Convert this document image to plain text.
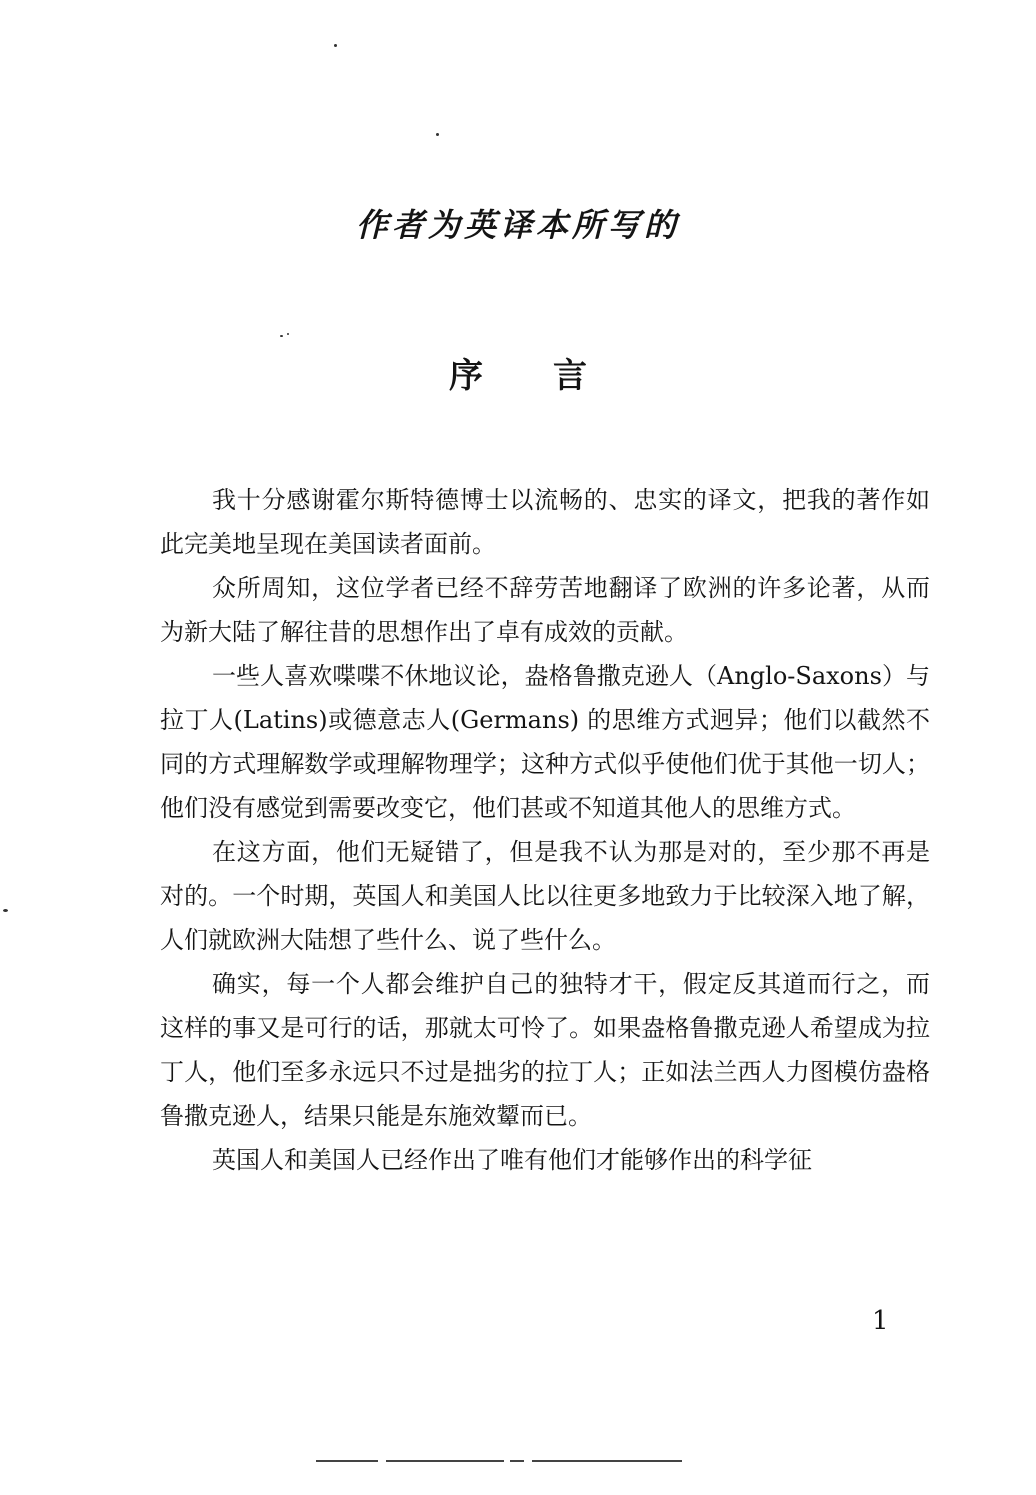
作者为英译本所写的
序言

我十分感谢霍尔斯特德博士以流畅的、忠实的译文，把我的著作如此完美地呈现在美国读者面前。

众所周知，这位学者已经不辞劳苦地翻译了欧洲的许多论著，从而为新大陆了解往昔的思想作出了卓有成效的贡献。

一些人喜欢喋喋不休地议论，盎格鲁撒克逊人（Anglo-Saxons）与拉丁人(Latins)或德意志人(Germans) 的思维方式迥异；他们以截然不同的方式理解数学或理解物理学；这种方式似乎使他们优于其他一切人；他们没有感觉到需要改变它，他们甚或不知道其他人的思维方式。

在这方面，他们无疑错了，但是我不认为那是对的，至少那不再是对的。一个时期，英国人和美国人比以往更多地致力于比较深入地了解，人们就欧洲大陆想了些什么、说了些什么。

确实，每一个人都会维护自己的独特才干，假定反其道而行之，而这样的事又是可行的话，那就太可怜了。如果盎格鲁撒克逊人希望成为拉丁人，他们至多永远只不过是拙劣的拉丁人；正如法兰西人力图模仿盎格鲁撒克逊人，结果只能是东施效颦而已。

英国人和美国人已经作出了唯有他们才能够作出的科学征

1
